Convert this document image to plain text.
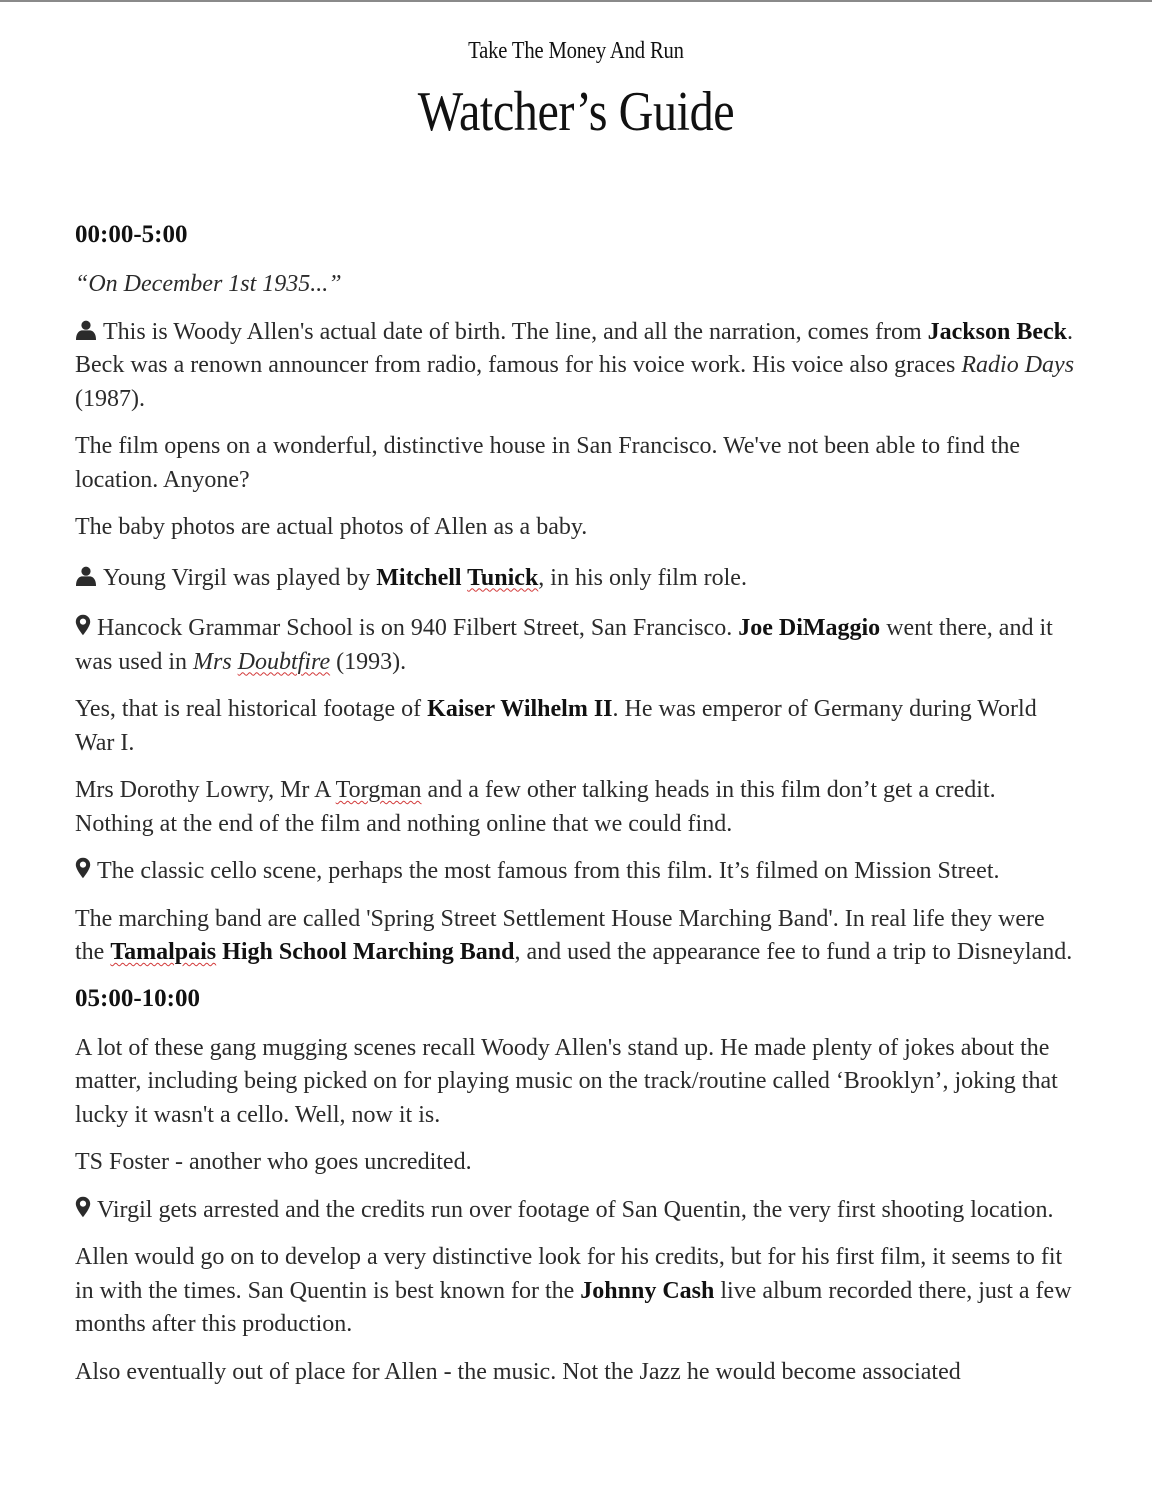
Take The Money And Run
Watcher’s Guide
00:00-5:00

“On December 1st 1935...”

This is Woody Allen's actual date of birth. The line, and all the narration, comes from Jackson Beck. Beck was a renown announcer from radio, famous for his voice work. His voice also graces Radio Days (1987).

The film opens on a wonderful, distinctive house in San Francisco. We've not been able to find the location. Anyone?

The baby photos are actual photos of Allen as a baby.

Young Virgil was played by Mitchell Tunick, in his only film role.

Hancock Grammar School is on 940 Filbert Street, San Francisco. Joe DiMaggio went there, and it was used in Mrs Doubtfire (1993).

Yes, that is real historical footage of Kaiser Wilhelm II. He was emperor of Germany during World War I.

Mrs Dorothy Lowry, Mr A Torgman and a few other talking heads in this film don’t get a credit. Nothing at the end of the film and nothing online that we could find.

The classic cello scene, perhaps the most famous from this film. It’s filmed on Mission Street.

The marching band are called 'Spring Street Settlement House Marching Band'. In real life they were the Tamalpais High School Marching Band, and used the appearance fee to fund a trip to Disneyland.

05:00-10:00

A lot of these gang mugging scenes recall Woody Allen's stand up. He made plenty of jokes about the matter, including being picked on for playing music on the track/routine called ‘Brooklyn’, joking that lucky it wasn't a cello. Well, now it is.

TS Foster - another who goes uncredited.

Virgil gets arrested and the credits run over footage of San Quentin, the very first shooting location.

Allen would go on to develop a very distinctive look for his credits, but for his first film, it seems to fit in with the times. San Quentin is best known for the Johnny Cash live album recorded there, just a few months after this production.

Also eventually out of place for Allen - the music. Not the Jazz he would become associated
